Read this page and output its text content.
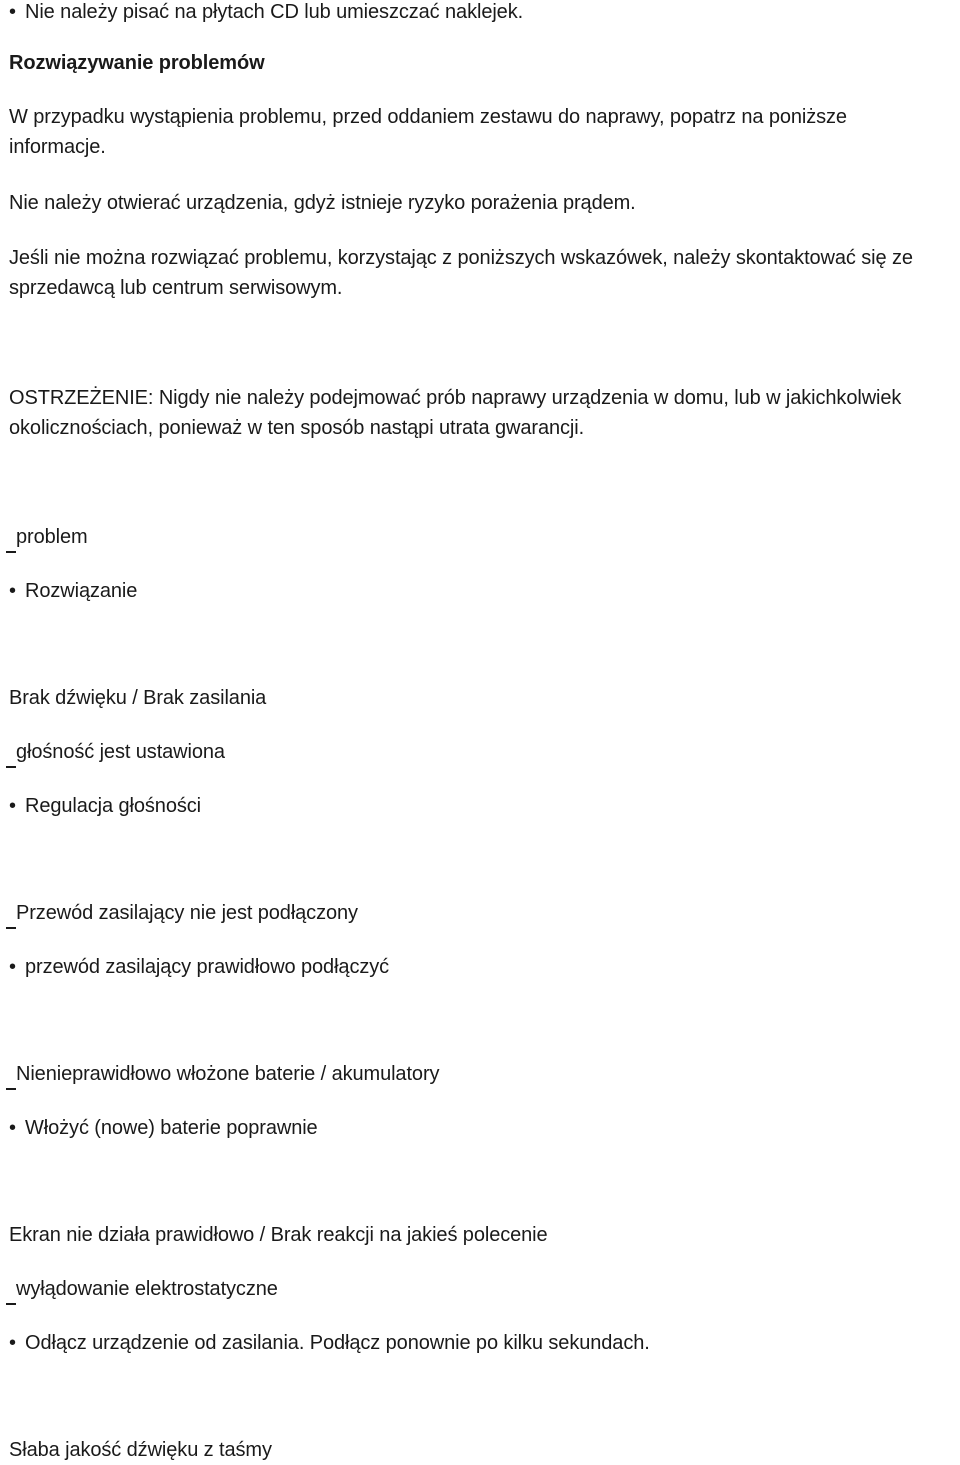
• Nie należy pisać na płytach CD lub umieszczać naklejek.
Rozwiązywanie problemów
W przypadku wystąpienia problemu, przed oddaniem zestawu do naprawy, popatrz na poniższe informacje.
Nie należy otwierać urządzenia, gdyż istnieje ryzyko porażenia prądem.
Jeśli nie można rozwiązać problemu, korzystając z poniższych wskazówek, należy skontaktować się ze sprzedawcą lub centrum serwisowym.
OSTRZEŻENIE: Nigdy nie należy podejmować prób naprawy urządzenia w domu, lub w jakichkolwiek okolicznościach, ponieważ w ten sposób nastąpi utrata gwarancji.
problem
• Rozwiązanie
Brak dźwięku / Brak zasilania
głośność jest ustawiona
• Regulacja głośności
Przewód zasilający nie jest podłączony
• przewód zasilający prawidłowo podłączyć
Nienieprawidłowo włożone baterie / akumulatory
• Włożyć (nowe) baterie poprawnie
Ekran nie działa prawidłowo / Brak reakcji na jakieś polecenie
wyłądowanie elektrostatyczne
• Odłącz urządzenie od zasilania. Podłącz ponownie po kilku sekundach.
Słaba jakość dźwięku z taśmy
